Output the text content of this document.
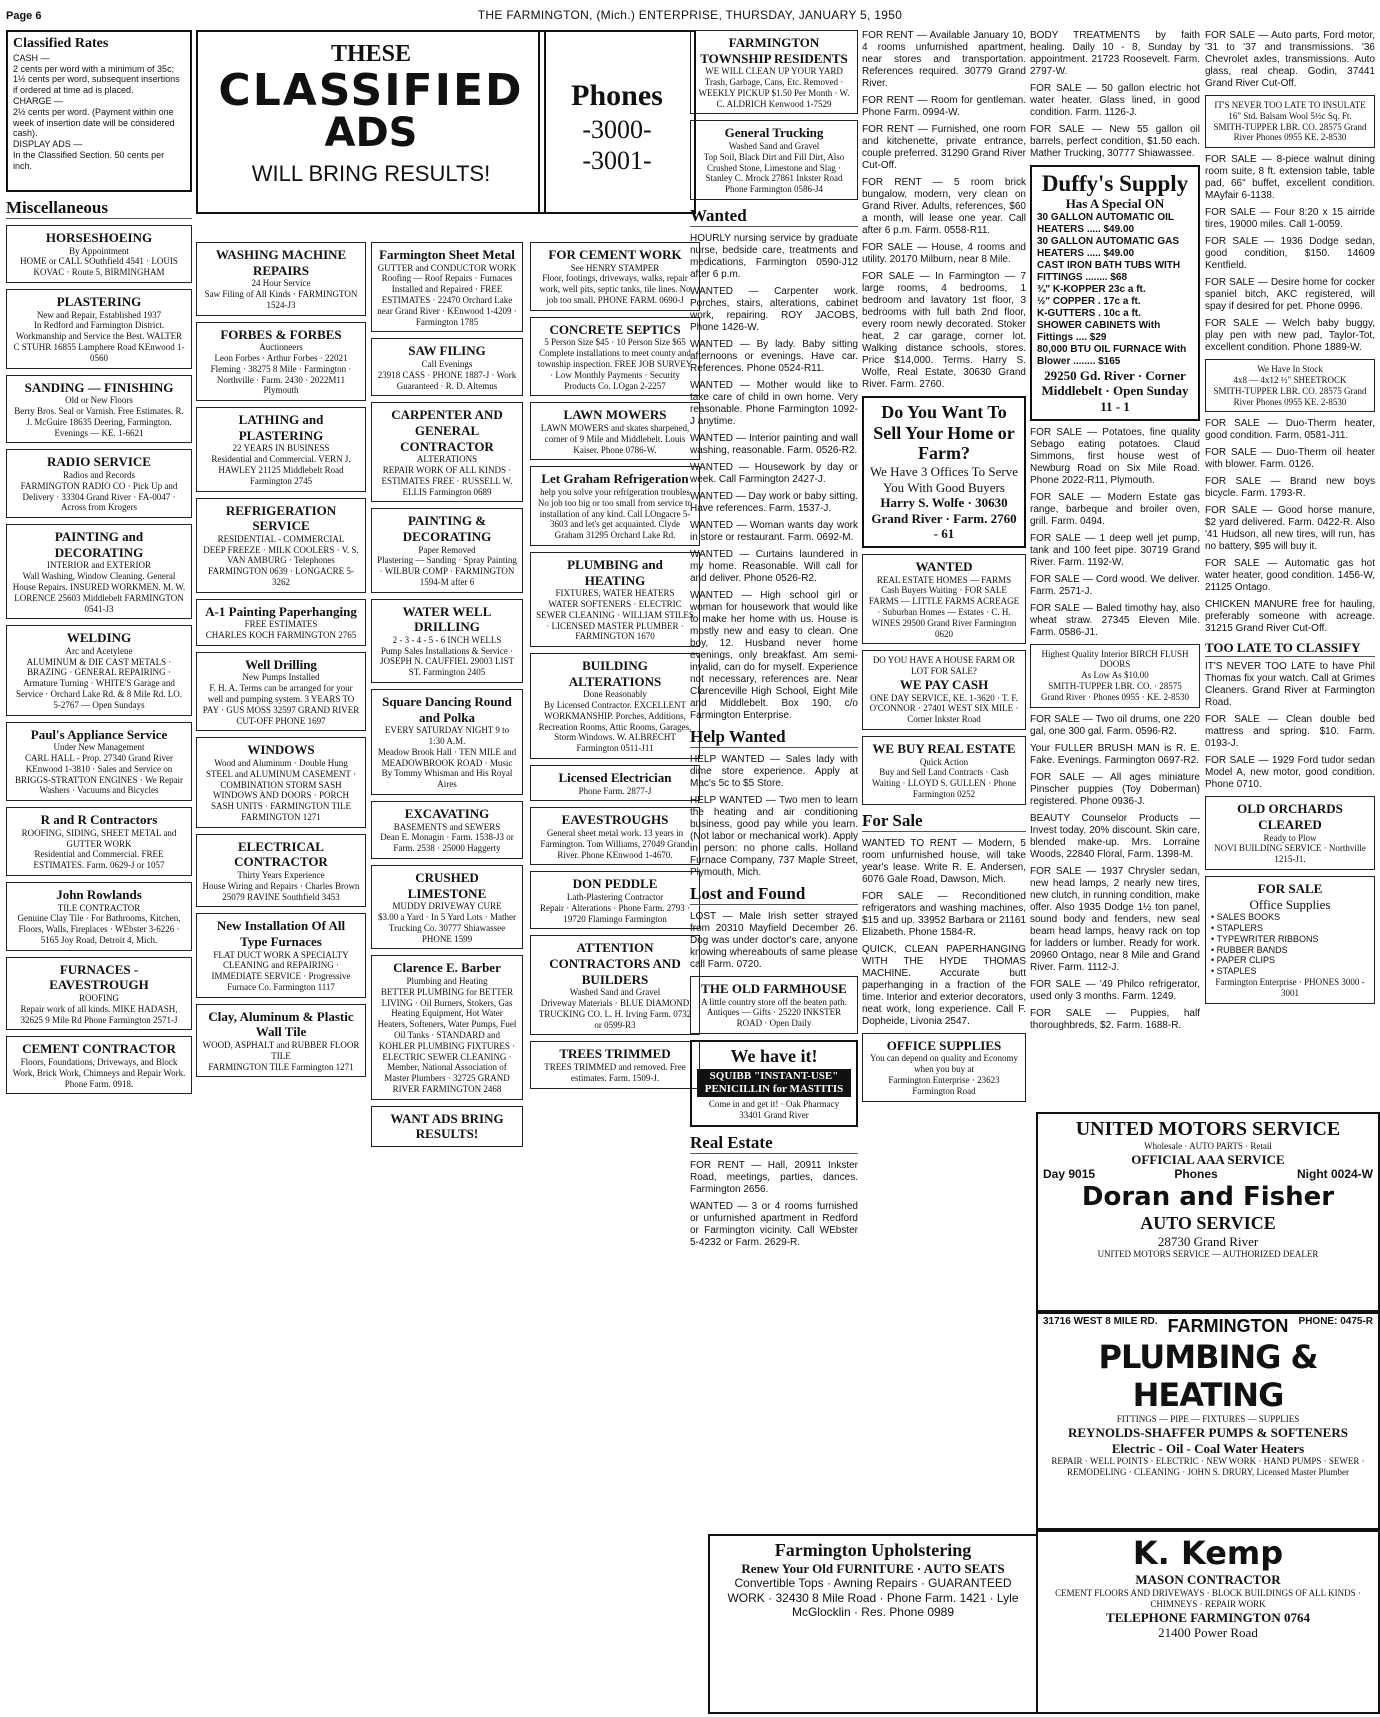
Page 6	THE FARMINGTON, (Mich.) ENTERPRISE, THURSDAY, JANUARY 5, 1950
Classified Rates
CASH —
2 cents per word with a minimum of 35c; 1½ cents per word, subsequent insertions if ordered at time ad is placed.
CHARGE —
2½ cents per word. (Payment within one week of insertion date will be considered cash).
DISPLAY ADS —
In the Classified Section. 50 cents per inch.
Miscellaneous
HORSESHOEING
By Appointment
HOME or CALL SOuthfield 4541 · LOUIS KOVAC · Route 5, BIRMINGHAM
PLASTERING
New and Repair, Established 1937
In Redford and Farmington District. Workmanship and Service the Best. WALTER C STUHR 16855 Lamphere Road KEnwood 1-0560
SANDING — FINISHING
Old or New Floors
Berry Bros. Seal or Varnish. Free Estimates. R. J. McGuire 18635 Deering, Farmington. Evenings — KE. 1-6621
RADIO SERVICE
Radios and Records
FARMINGTON RADIO CO · Pick Up and Delivery · 33304 Grand River · FA-0047 · Across from Krogers
PAINTING and DECORATING
INTERIOR and EXTERIOR
Wall Washing, Window Cleaning. General House Repairs. INSURED WORKMEN. M. W. LORENCE 25603 Middlebelt FARMINGTON 0541-J3
WELDING
Arc and Acetylene
ALUMINUM & DIE CAST METALS · BRAZING · GENERAL REPAIRING · Armature Turning · WHITE'S Garage and Service · Orchard Lake Rd. & 8 Mile Rd. LO. 5-2767 — Open Sundays
Paul's Appliance Service
Under New Management
CARL HALL - Prop. 27340 Grand River KEnwood 1-3810 · Sales and Service on BRIGGS-STRATTON ENGINES · We Repair Washers · Vacuums and Bicycles
R and R Contractors
ROOFING, SIDING, SHEET METAL and GUTTER WORK
Residential and Commercial. FREE ESTIMATES. Farm. 0629-J or 1057
John Rowlands
TILE CONTRACTOR
Genuine Clay Tile · For Bathrooms, Kitchen, Floors, Walls, Fireplaces · WEbster 3-6226 · 5165 Joy Road, Detroit 4, Mich.
FURNACES - EAVESTROUGH
ROOFING
Repair work of all kinds. MIKE HADASH, 32625 9 Mile Rd Phone Farmington 2571-J
CEMENT CONTRACTOR
Floors, Foundations, Driveways, and Block Work, Brick Work, Chimneys and Repair Work. Phone Farm. 0918.
THESE
CLASSIFIED
ADS
WILL BRING RESULTS!
Phones
-3000-
-3001-
WASHING MACHINE REPAIRS
24 Hour Service
Saw Filing of All Kinds · FARMINGTON 1524-J3
FORBES & FORBES
Auctioneers
Leon Forbes · Arthur Forbes · 22021 Fleming · 38275 8 Mile · Farmington · Northville · Farm. 2430 · 2022M11 Plymouth
LATHING and PLASTERING
22 YEARS IN BUSINESS
Residential and Commercial. VERN J. HAWLEY 21125 Middlebelt Road Farmington 2745
REFRIGERATION SERVICE
RESIDENTIAL - COMMERCIAL
DEEP FREEZE · MILK COOLERS · V. S. VAN AMBURG · Telephones FARMINGTON 0639 · LONGACRE 5-3262
A-1 Painting Paperhanging
FREE ESTIMATES
CHARLES KOCH FARMINGTON 2765
Well Drilling
New Pumps Installed
F. H. A. Terms can be arranged for your well and pumping system. 3 YEARS TO PAY · GUS MOSS 32597 GRAND RIVER CUT-OFF PHONE 1697
WINDOWS
Wood and Aluminum · Double Hung
STEEL and ALUMINUM CASEMENT · COMBINATION STORM SASH WINDOWS AND DOORS · PORCH SASH UNITS · FARMINGTON TILE FARMINGTON 1271
ELECTRICAL CONTRACTOR
Thirty Years Experience
House Wiring and Repairs · Charles Brown 25079 RAVINE Southfield 3453
New Installation Of All Type Furnaces
FLAT DUCT WORK A SPECIALTY
CLEANING and REPAIRING · IMMEDIATE SERVICE · Progressive Furnace Co. Farmington 1117
Clay, Aluminum & Plastic Wall Tile
WOOD, ASPHALT and RUBBER FLOOR TILE
FARMINGTON TILE Farmington 1271
Farmington Sheet Metal
GUTTER and CONDUCTOR WORK
Roofing — Roof Repairs · Furnaces Installed and Repaired · FREE ESTIMATES · 22470 Orchard Lake near Grand River · KEnwood 1-4209 · Farmington 1785
SAW FILING
Call Evenings
23918 CASS · PHONE 1887-J · Work Guaranteed · R. D. Altemus
CARPENTER AND GENERAL CONTRACTOR
ALTERATIONS
REPAIR WORK OF ALL KINDS · ESTIMATES FREE · RUSSELL W. ELLIS Farmington 0689
PAINTING & DECORATING
Paper Removed
Plastering — Sanding · Spray Painting · WILBUR COMP · FARMINGTON 1594-M after 6
WATER WELL DRILLING
2 - 3 - 4 - 5 - 6 INCH WELLS
Pump Sales Installations & Service · JOSEPH N. CAUFFIEL 29003 LIST ST. Farmington 2405
Square Dancing Round and Polka
EVERY SATURDAY NIGHT 9 to 1:30 A.M.
Meadow Brook Hall · TEN MILE and MEADOWBROOK ROAD · Music By Tommy Whisman and His Royal Aires
EXCAVATING
BASEMENTS and SEWERS
Dean E. Monagin · Farm. 1538-J3 or Farm. 2538 · 25000 Haggerty
CRUSHED LIMESTONE
MUDDY DRIVEWAY CURE
$3.00 a Yard · In 5 Yard Lots · Mather Trucking Co. 30777 Shiawassee PHONE 1599
Clarence E. Barber
Plumbing and Heating
BETTER PLUMBING for BETTER LIVING · Oil Burners, Stokers, Gas Heating Equipment, Hot Water Heaters, Softeners, Water Pumps, Fuel Oil Tanks · STANDARD and KOHLER PLUMBING FIXTURES · ELECTRIC SEWER CLEANING · Member, National Association of Master Plumbers · 32725 GRAND RIVER FARMINGTON 2468
WANT ADS BRING RESULTS!
FOR CEMENT WORK
See HENRY STAMPER
Floor, footings, driveways, walks, repair work, well pits, septic tanks, tile lines. No job too small. PHONE FARM. 0690-J
CONCRETE SEPTICS
5 Person Size $45 · 10 Person Size $65
Complete installations to meet county and township inspection. FREE JOB SURVEY · Low Monthly Payments · Security Products Co. LOgan 2-2257
LAWN MOWERS
LAWN MOWERS and skates sharpened, corner of 9 Mile and Middlebelt. Louis Kaiser. Phone 0786-W.
Let Graham Refrigeration
help you solve your refrigeration troubles
No job too big or too small from service to installation of any kind. Call LOngacre 5-3603 and let's get acquainted. Clyde Graham 31295 Orchard Lake Rd.
PLUMBING and HEATING
FIXTURES, WATER HEATERS
WATER SOFTENERS · ELECTRIC SEWER CLEANING · WILLIAM STILES · LICENSED MASTER PLUMBER · FARMINGTON 1670
BUILDING ALTERATIONS
Done Reasonably
By Licensed Contractor. EXCELLENT WORKMANSHIP. Porches, Additions, Recreation Rooms, Attic Rooms, Garages, Storm Windows. W. ALBRECHT Farmington 0511-J11
Licensed Electrician
Phone Farm. 2877-J
EAVESTROUGHS
General sheet metal work. 13 years in Farmington. Tom Williams, 27049 Grand River. Phone KEnwood 1-4670.
DON PEDDLE
Lath-Plastering Contractor
Repair · Alterations · Phone Farm. 2793 · 19720 Flamingo Farmington
ATTENTION CONTRACTORS AND BUILDERS
Washed Sand and Gravel
Driveway Materials · BLUE DIAMOND TRUCKING CO. L. H. Irving Farm. 0732 or 0599-R3
TREES TRIMMED
TREES TRIMMED and removed. Free estimates. Farm. 1509-J.
FARMINGTON TOWNSHIP RESIDENTS
WE WILL CLEAN UP YOUR YARD
Trash, Garbage, Cans, Etc. Removed · WEEKLY PICKUP $1.50 Per Month · W. C. ALDRICH Kenwood 1-7529
General Trucking
Washed Sand and Gravel
Top Soil, Black Dirt and Fill Dirt, Also Crushed Stone, Limestone and Slag · Stanley C. Mrock 27861 Inkster Road Phone Farmington 0586-J4
Wanted
HOURLY nursing service by graduate nurse, bedside care, treatments and medications, Farmington 0590-J12 after 6 p.m.
WANTED — Carpenter work. Porches, stairs, alterations, cabinet work, repairing. ROY JACOBS, Phone 1426-W.
WANTED — By lady. Baby sitting afternoons or evenings. Have car. References. Phone 0524-R11.
WANTED — Mother would like to take care of child in own home. Very reasonable. Phone Farmington 1092-J anytime.
WANTED — Interior painting and wall washing, reasonable. Farm. 0526-R2.
WANTED — Housework by day or week. Call Farmington 2427-J.
WANTED — Day work or baby sitting. Have references. Farm. 1537-J.
WANTED — Woman wants day work in store or restaurant. Farm. 0692-M.
WANTED — Curtains laundered in my home. Reasonable. Will call for and deliver. Phone 0526-R2.
WANTED — High school girl or woman for housework that would like to make her home with us. House is mostly new and easy to clean. One boy, 12. Husband never home evenings, only breakfast. Am semi-invalid, can do for myself. Experience not necessary, references are. Near Clarenceville High School, Eight Mile and Middlebelt. Box 190, c/o Farmington Enterprise.
Help Wanted
HELP WANTED — Sales lady with dime store experience. Apply at Mac's 5c to $5 Store.
HELP WANTED — Two men to learn the heating and air conditioning business, good pay while you learn. (Not labor or mechanical work). Apply in person: no phone calls. Holland Furnace Company, 737 Maple Street, Plymouth, Mich.
Lost and Found
LOST — Male Irish setter strayed from 20310 Mayfield December 26. Dog was under doctor's care, anyone knowing whereabouts of same please call Farm. 0720.
THE OLD FARMHOUSE
A little country store off the beaten path.
Antiques — Gifts · 25220 INKSTER ROAD · Open Daily
We have it!
SQUIBB "INSTANT-USE" PENICILLIN for MASTITIS
Come in and get it! · Oak Pharmacy 33401 Grand River
Real Estate
FOR RENT — Hall, 20911 Inkster Road, meetings, parties, dances. Farmington 2656.
WANTED — 3 or 4 rooms furnished or unfurnished apartment in Redford or Farmington vicinity. Call WEbster 5-4232 or Farm. 2629-R.
FOR RENT — Available January 10, 4 rooms unfurnished apartment, near stores and transportation. References required. 30779 Grand River.
FOR RENT — Room for gentleman. Phone Farm. 0994-W.
FOR RENT — Furnished, one room and kitchenette, private entrance, couple preferred. 31290 Grand River Cut-Off.
FOR RENT — 5 room brick bungalow, modern, very clean on Grand River. Adults, references, $60 a month, will lease one year. Call after 6 p.m. Farm. 0558-R11.
FOR SALE — House, 4 rooms and utility. 20170 Milburn, near 8 Mile.
FOR SALE — In Farmington — 7 large rooms, 4 bedrooms, 1 bedroom and lavatory 1st floor, 3 bedrooms with full bath 2nd floor, every room newly decorated. Stoker heat, 2 car garage, corner lot. Walking distance schools, stores. Price $14,000. Terms. Harry S. Wolfe, Real Estate, 30630 Grand River. Farm. 2760.
Do You Want To Sell Your Home or Farm?
We Have 3 Offices To Serve You With Good Buyers
Harry S. Wolfe · 30630 Grand River · Farm. 2760 - 61
WANTED
REAL ESTATE HOMES — FARMS
Cash Buyers Waiting · FOR SALE FARMS — LITTLE FARMS ACREAGE · Suburban Homes — Estates · C. H. WINES 29500 Grand River Farmington 0620
DO YOU HAVE A HOUSE FARM OR LOT FOR SALE?
WE PAY CASH
ONE DAY SERVICE, KE. 1-3620 · T. F. O'CONNOR · 27401 WEST SIX MILE · Corner Inkster Road
WE BUY REAL ESTATE
Quick Action
Buy and Sell Land Contracts · Cash Waiting · LLOYD S. GULLEN · Phone Farmington 0252
For Sale
WANTED TO RENT — Modern, 5 room unfurnished house, will take year's lease. Write R. E. Andersen, 6076 Gale Road, Dawson, Mich.
FOR SALE — Reconditioned refrigerators and washing machines, $15 and up. 33952 Barbara or 21161 Elizabeth. Phone 1584-R.
QUICK, CLEAN PAPERHANGING WITH THE HYDE THOMAS MACHINE. Accurate butt paperhanging in a fraction of the time. Interior and exterior decorators, neat work, long experience. Call F. Dopheide, Livonia 2547.
OFFICE SUPPLIES
You can depend on quality and Economy when you buy at
Farmington Enterprise · 23623 Farmington Road
Farmington Upholstering
Renew Your Old FURNITURE · AUTO SEATS
Convertible Tops · Awning Repairs · GUARANTEED WORK · 32430 8 Mile Road · Phone Farm. 1421 · Lyle McGlocklin · Res. Phone 0989
BODY TREATMENTS by faith healing. Daily 10 - 8, Sunday by appointment. 21723 Roosevelt. Farm. 2797-W.
FOR SALE — 50 gallon electric hot water heater. Glass lined, in good condition. Farm. 1126-J.
FOR SALE — New 55 gallon oil barrels, perfect condition, $1.50 each. Mather Trucking, 30777 Shiawassee.
Duffy's Supply
Has A Special ON
30 GALLON AUTOMATIC OIL HEATERS ..... $49.00
30 GALLON AUTOMATIC GAS HEATERS ..... $49.00
CAST IRON BATH TUBS WITH FITTINGS ........ $68
¾" K-KOPPER 23c a ft.
½" COPPER . 17c a ft.
K-GUTTERS . 10c a ft.
SHOWER CABINETS With Fittings .... $29
80,000 BTU OIL FURNACE With Blower ........ $165
29250 Gd. River · Corner Middlebelt · Open Sunday 11 - 1
FOR SALE — Potatoes, fine quality Sebago eating potatoes. Claud Simmons, first house west of Newburg Road on Six Mile Road. Phone 2022-R11, Plymouth.
FOR SALE — Modern Estate gas range, barbeque and broiler oven, grill. Farm. 0494.
FOR SALE — 1 deep well jet pump, tank and 100 feet pipe. 30719 Grand River. Farm. 1192-W.
FOR SALE — Cord wood. We deliver. Farm. 2571-J.
FOR SALE — Baled timothy hay, also wheat straw. 27345 Eleven Mile. Farm. 0586-J1.
Highest Quality Interior BIRCH FLUSH DOORS
As Low As $10.00
SMITH-TUPPER LBR. CO. · 28575 Grand River · Phones 0955 · KE. 2-8530
FOR SALE — Two oil drums, one 220 gal, one 300 gal. Farm. 0596-R2.
Your FULLER BRUSH MAN is R. E. Fake. Evenings. Farmington 0697-R2.
FOR SALE — All ages miniature Pinscher puppies (Toy Doberman) registered. Phone 0936-J.
BEAUTY Counselor Products — Invest today. 20% discount. Skin care, blended make-up. Mrs. Lorraine Woods, 22840 Floral, Farm. 1398-M.
FOR SALE — 1937 Chrysler sedan, new head lamps, 2 nearly new tires, new clutch, in running condition, make offer. Also 1935 Dodge 1½ ton panel, sound body and fenders, new seal beam head lamps, heavy rack on top for ladders or lumber. Ready for work. 20960 Ontago, near 8 Mile and Grand River. Farm. 1112-J.
FOR SALE — '49 Philco refrigerator, used only 3 months. Farm. 1249.
FOR SALE — Puppies, half thoroughbreds, $2. Farm. 1688-R.
FOR SALE — Auto parts, Ford motor, '31 to '37 and transmissions. '36 Chevrolet axles, transmissions. Auto glass, real cheap. Godin, 37441 Grand River Cut-Off.
IT'S NEVER TOO LATE TO INSULATE
16" Std. Balsam Wool 5½c Sq. Ft.
SMITH-TUPPER LBR. CO. 28575 Grand River Phones 0955 KE. 2-8530
FOR SALE — 8-piece walnut dining room suite, 8 ft. extension table, table pad, 66" buffet, excellent condition. MAyfair 6-1138.
FOR SALE — Four 8:20 x 15 airride tires, 19000 miles. Call 1-0059.
FOR SALE — 1936 Dodge sedan, good condition, $150. 14609 Kentfield.
FOR SALE — Desire home for cocker spaniel bitch, AKC registered, will spay if desired for pet. Phone 0996.
FOR SALE — Welch baby buggy, play pen with new pad, Taylor-Tot, excellent condition. Phone 1889-W.
We Have In Stock
4x8 — 4x12 ½" SHEETROCK
SMITH-TUPPER LBR. CO. 28575 Grand River Phones 0955 KE. 2-8530
FOR SALE — Duo-Therm heater, good condition. Farm. 0581-J11.
FOR SALE — Duo-Therm oil heater with blower. Farm. 0126.
FOR SALE — Brand new boys bicycle. Farm. 1793-R.
FOR SALE — Good horse manure, $2 yard delivered. Farm. 0422-R. Also '41 Hudson, all new tires, will run, has no battery, $95 will buy it.
FOR SALE — Automatic gas hot water heater, good condition. 1456-W, 21125 Ontago.
CHICKEN MANURE free for hauling, preferably someone with acreage. 31215 Grand River Cut-Off.
TOO LATE TO CLASSIFY
IT'S NEVER TOO LATE to have Phil Thomas fix your watch. Call at Grimes Cleaners. Grand River at Farmington Road.
FOR SALE — Clean double bed mattress and spring. $10. Farm. 0193-J.
FOR SALE — 1929 Ford tudor sedan Model A, new motor, good condition. Phone 0710.
OLD ORCHARDS CLEARED
Ready to Plow
NOVI BUILDING SERVICE · Northville 1215-J1.
FOR SALE
Office Supplies
• SALES BOOKS
• STAPLERS
• TYPEWRITER RIBBONS
• RUBBER BANDS
• PAPER CLIPS
• STAPLES
Farmington Enterprise · PHONES 3000 - 3001
UNITED MOTORS SERVICE
Wholesale · AUTO PARTS · Retail
OFFICIAL AAA SERVICE
Day 9015	Phones	Night 0024-W
Doran and Fisher
AUTO SERVICE
28730 Grand River
UNITED MOTORS SERVICE — AUTHORIZED DEALER
31716 WEST 8 MILE RD. FARMINGTON PHONE: 0475-R
PLUMBING & HEATING
FITTINGS — PIPE — FIXTURES — SUPPLIES
REYNOLDS-SHAFFER PUMPS & SOFTENERS
Electric - Oil - Coal Water Heaters
REPAIR · WELL POINTS · ELECTRIC · NEW WORK · HAND PUMPS · SEWER · REMODELING · CLEANING · JOHN S. DRURY, Licensed Master Plumber
K. Kemp
MASON CONTRACTOR
CEMENT FLOORS AND DRIVEWAYS · BLOCK BUILDINGS OF ALL KINDS · CHIMNEYS · REPAIR WORK
TELEPHONE FARMINGTON 0764
21400 Power Road
